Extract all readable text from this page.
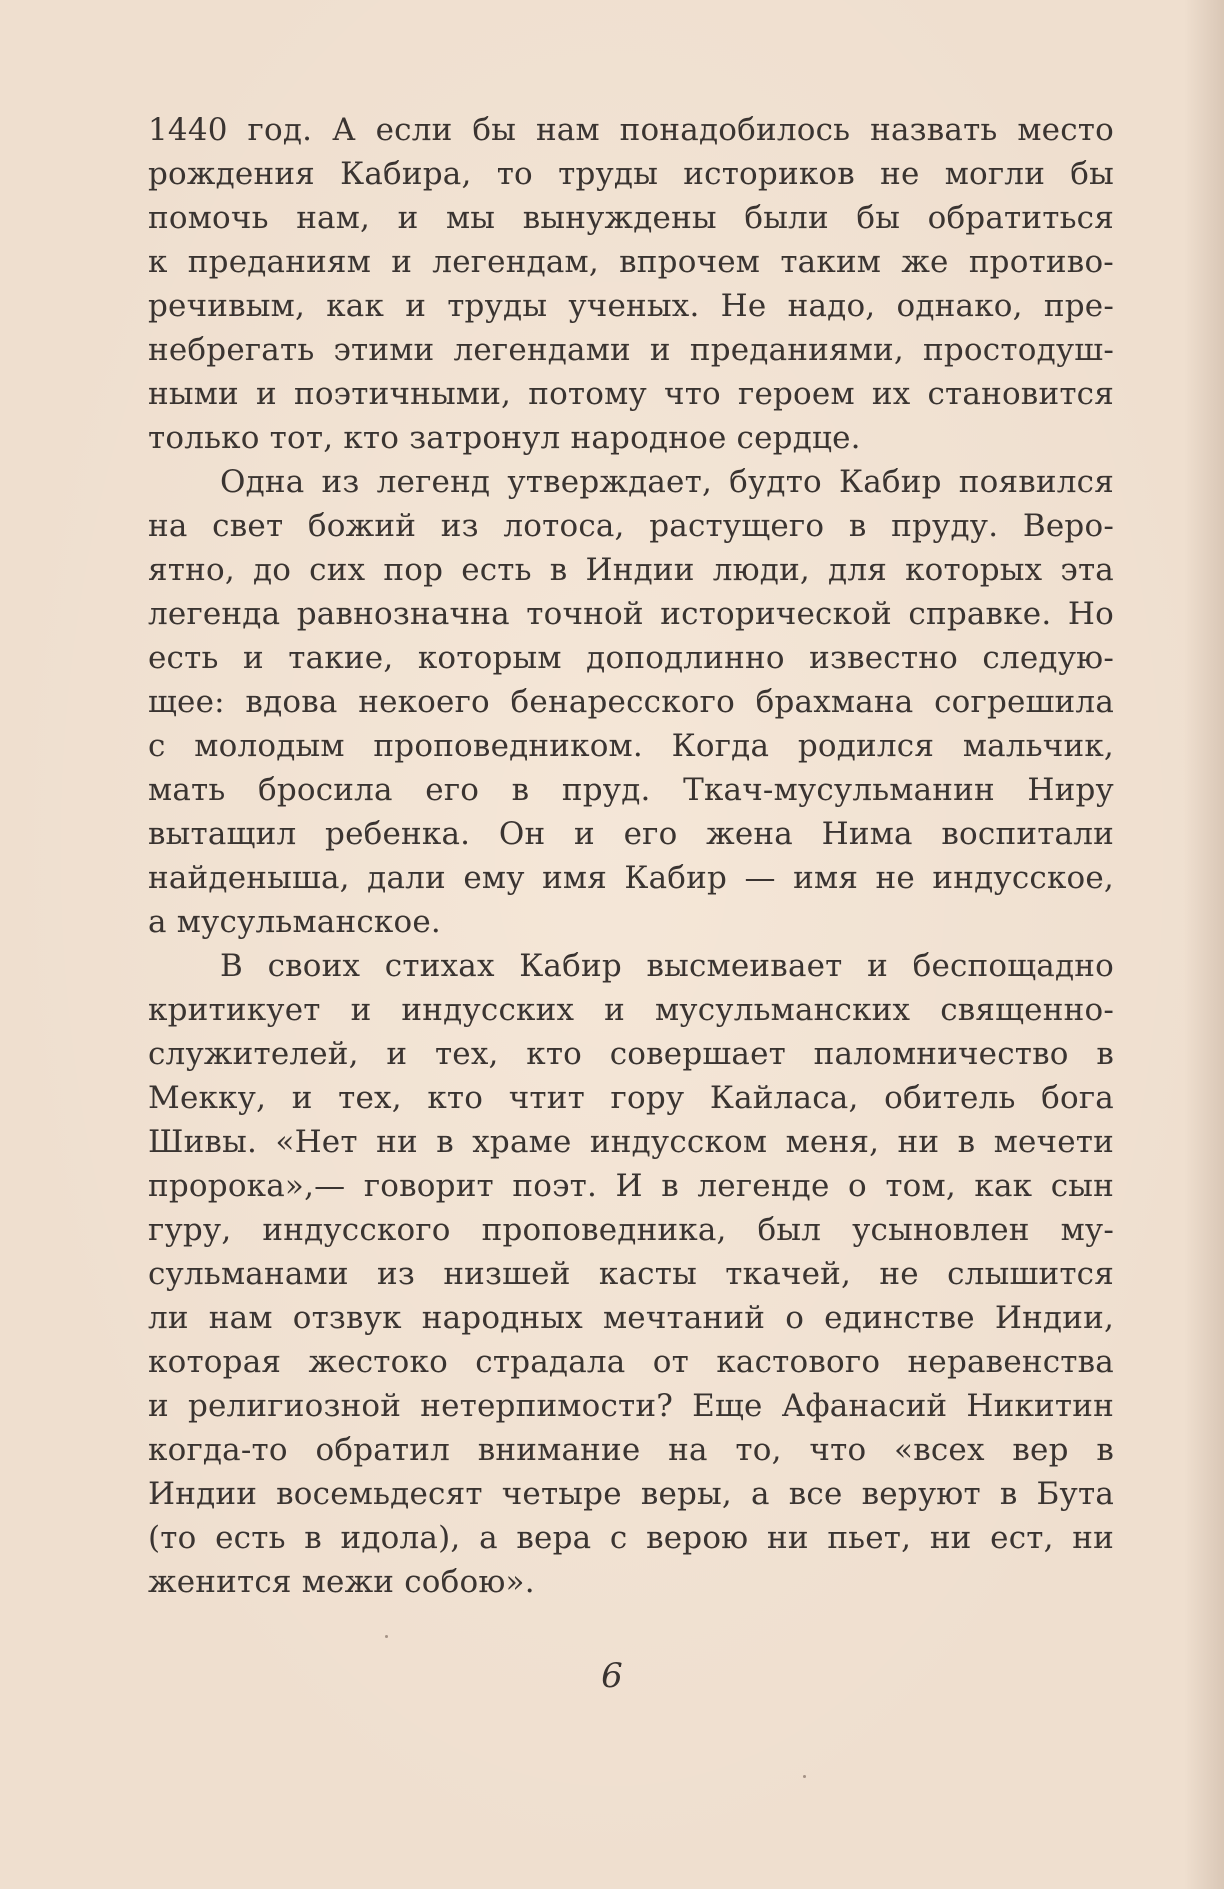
1440 год. А если бы нам понадобилось назвать место
рождения Кабира, то труды историков не могли бы
помочь нам, и мы вынуждены были бы обратиться
к преданиям и легендам, впрочем таким же противо-
речивым, как и труды ученых. Не надо, однако, пре-
небрегать этими легендами и преданиями, простодуш-
ными и поэтичными, потому что героем их становится
только тот, кто затронул народное сердце.
Одна из легенд утверждает, будто Кабир появился
на свет божий из лотоса, растущего в пруду. Веро-
ятно, до сих пор есть в Индии люди, для которых эта
легенда равнозначна точной исторической справке. Но
есть и такие, которым доподлинно известно следую-
щее: вдова некоего бенаресского брахмана согрешила
с молодым проповедником. Когда родился мальчик,
мать бросила его в пруд. Ткач-мусульманин Ниру
вытащил ребенка. Он и его жена Нима воспитали
найденыша, дали ему имя Кабир — имя не индусское,
а мусульманское.
В своих стихах Кабир высмеивает и беспощадно
критикует и индусских и мусульманских священно-
служителей, и тех, кто совершает паломничество в
Мекку, и тех, кто чтит гору Кайласа, обитель бога
Шивы. «Нет ни в храме индусском меня, ни в мечети
пророка»,— говорит поэт. И в легенде о том, как сын
гуру, индусского проповедника, был усыновлен му-
сульманами из низшей касты ткачей, не слышится
ли нам отзвук народных мечтаний о единстве Индии,
которая жестоко страдала от кастового неравенства
и религиозной нетерпимости? Еще Афанасий Никитин
когда-то обратил внимание на то, что «всех вер в
Индии восемьдесят четыре веры, а все веруют в Бута
(то есть в идола), а вера с верою ни пьет, ни ест, ни
женится межи собою».
6
